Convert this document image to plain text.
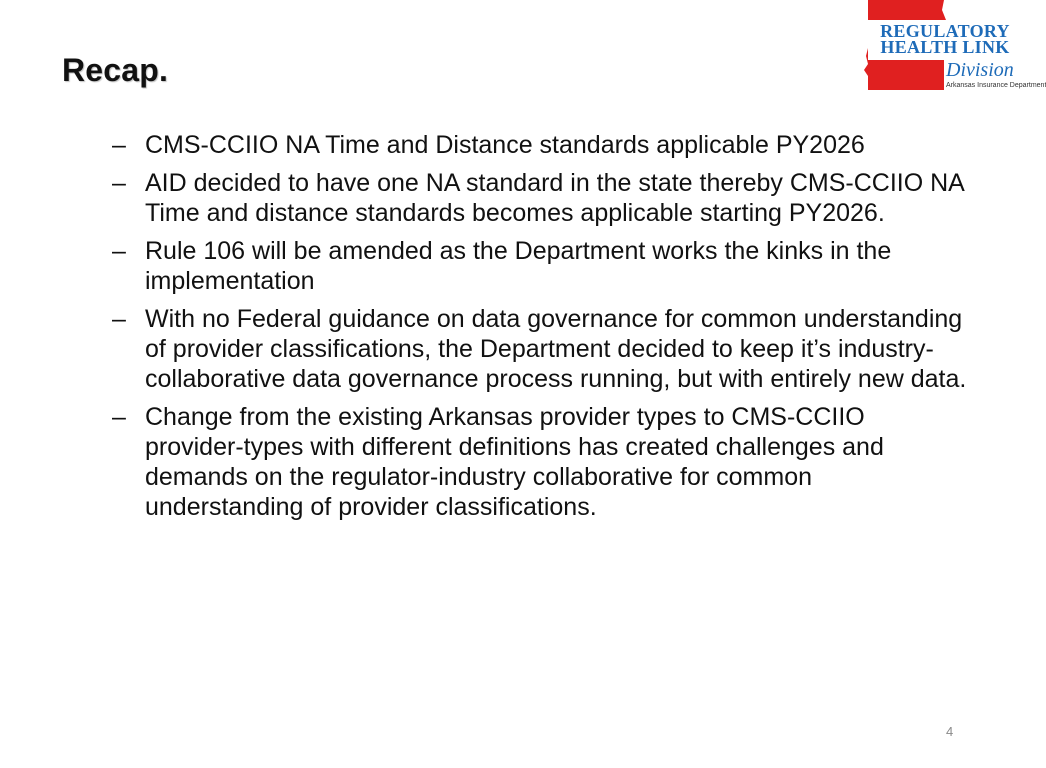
Recap.
REGULATORY
HEALTH LINK
Division
Arkansas Insurance Department
– CMS-CCIIO NA Time and Distance standards applicable PY2026
– AID decided to have one NA standard in the state thereby CMS-CCIIO NA Time and distance standards becomes applicable starting PY2026.
– Rule 106 will be amended as the Department works the kinks in the implementation
– With no Federal guidance on data governance for common understanding of provider classifications, the Department decided to keep it’s industry-collaborative data governance process running, but with entirely new data.
– Change from the existing Arkansas provider types to CMS-CCIIO provider-types with different definitions has created challenges and demands on the regulator-industry collaborative for common understanding of provider classifications.
4
